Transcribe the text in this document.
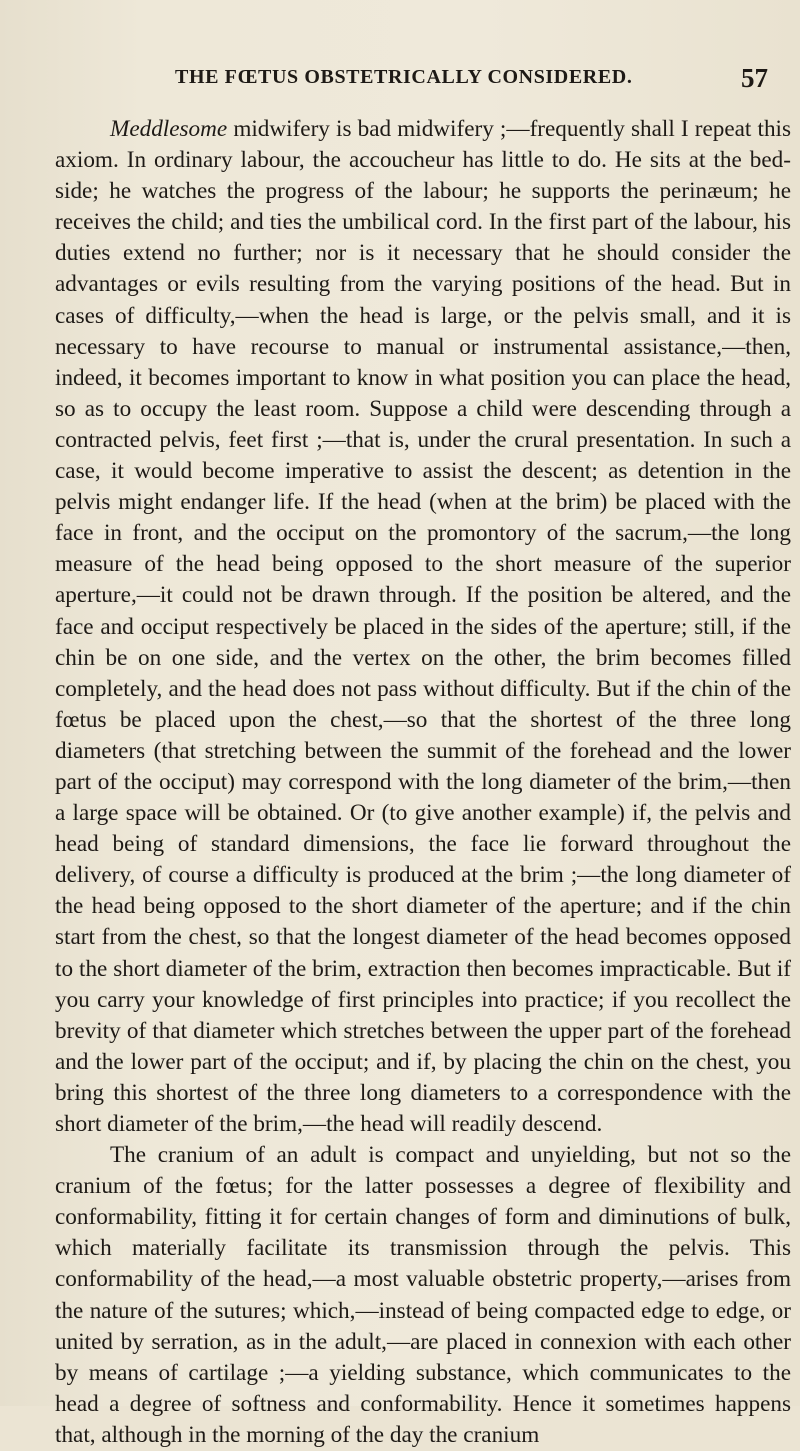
THE FŒTUS OBSTETRICALLY CONSIDERED.	57

Meddlesome midwifery is bad midwifery ;—frequently shall I repeat this axiom. In ordinary labour, the accoucheur has little to do. He sits at the bed-side; he watches the progress of the labour; he supports the perinæum; he receives the child; and ties the umbilical cord. In the first part of the labour, his duties extend no further; nor is it necessary that he should consider the advantages or evils resulting from the varying positions of the head. But in cases of difficulty,—when the head is large, or the pelvis small, and it is necessary to have recourse to manual or instrumental assistance,—then, indeed, it becomes important to know in what position you can place the head, so as to occupy the least room. Suppose a child were descending through a contracted pelvis, feet first ;—that is, under the crural presentation. In such a case, it would become imperative to assist the descent; as detention in the pelvis might endanger life. If the head (when at the brim) be placed with the face in front, and the occiput on the promontory of the sacrum,—the long measure of the head being opposed to the short measure of the superior aperture,—it could not be drawn through. If the position be altered, and the face and occiput respectively be placed in the sides of the aperture; still, if the chin be on one side, and the vertex on the other, the brim becomes filled completely, and the head does not pass without difficulty. But if the chin of the fœtus be placed upon the chest,—so that the shortest of the three long diameters (that stretching between the summit of the forehead and the lower part of the occiput) may correspond with the long diameter of the brim,—then a large space will be obtained. Or (to give another example) if, the pelvis and head being of standard dimensions, the face lie forward throughout the delivery, of course a difficulty is produced at the brim ;—the long diameter of the head being opposed to the short diameter of the aperture; and if the chin start from the chest, so that the longest diameter of the head becomes opposed to the short diameter of the brim, extraction then becomes impracticable. But if you carry your knowledge of first principles into practice; if you recollect the brevity of that diameter which stretches between the upper part of the forehead and the lower part of the occiput; and if, by placing the chin on the chest, you bring this shortest of the three long diameters to a correspondence with the short diameter of the brim,—the head will readily descend.

The cranium of an adult is compact and unyielding, but not so the cranium of the fœtus; for the latter possesses a degree of flexibility and conformability, fitting it for certain changes of form and diminutions of bulk, which materially facilitate its transmission through the pelvis. This conformability of the head,—a most valuable obstetric property,—arises from the nature of the sutures; which,—instead of being compacted edge to edge, or united by serration, as in the adult,—are placed in connexion with each other by means of cartilage ;—a yielding substance, which communicates to the head a degree of softness and conformability. Hence it sometimes happens that, although in the morning of the day the cranium
